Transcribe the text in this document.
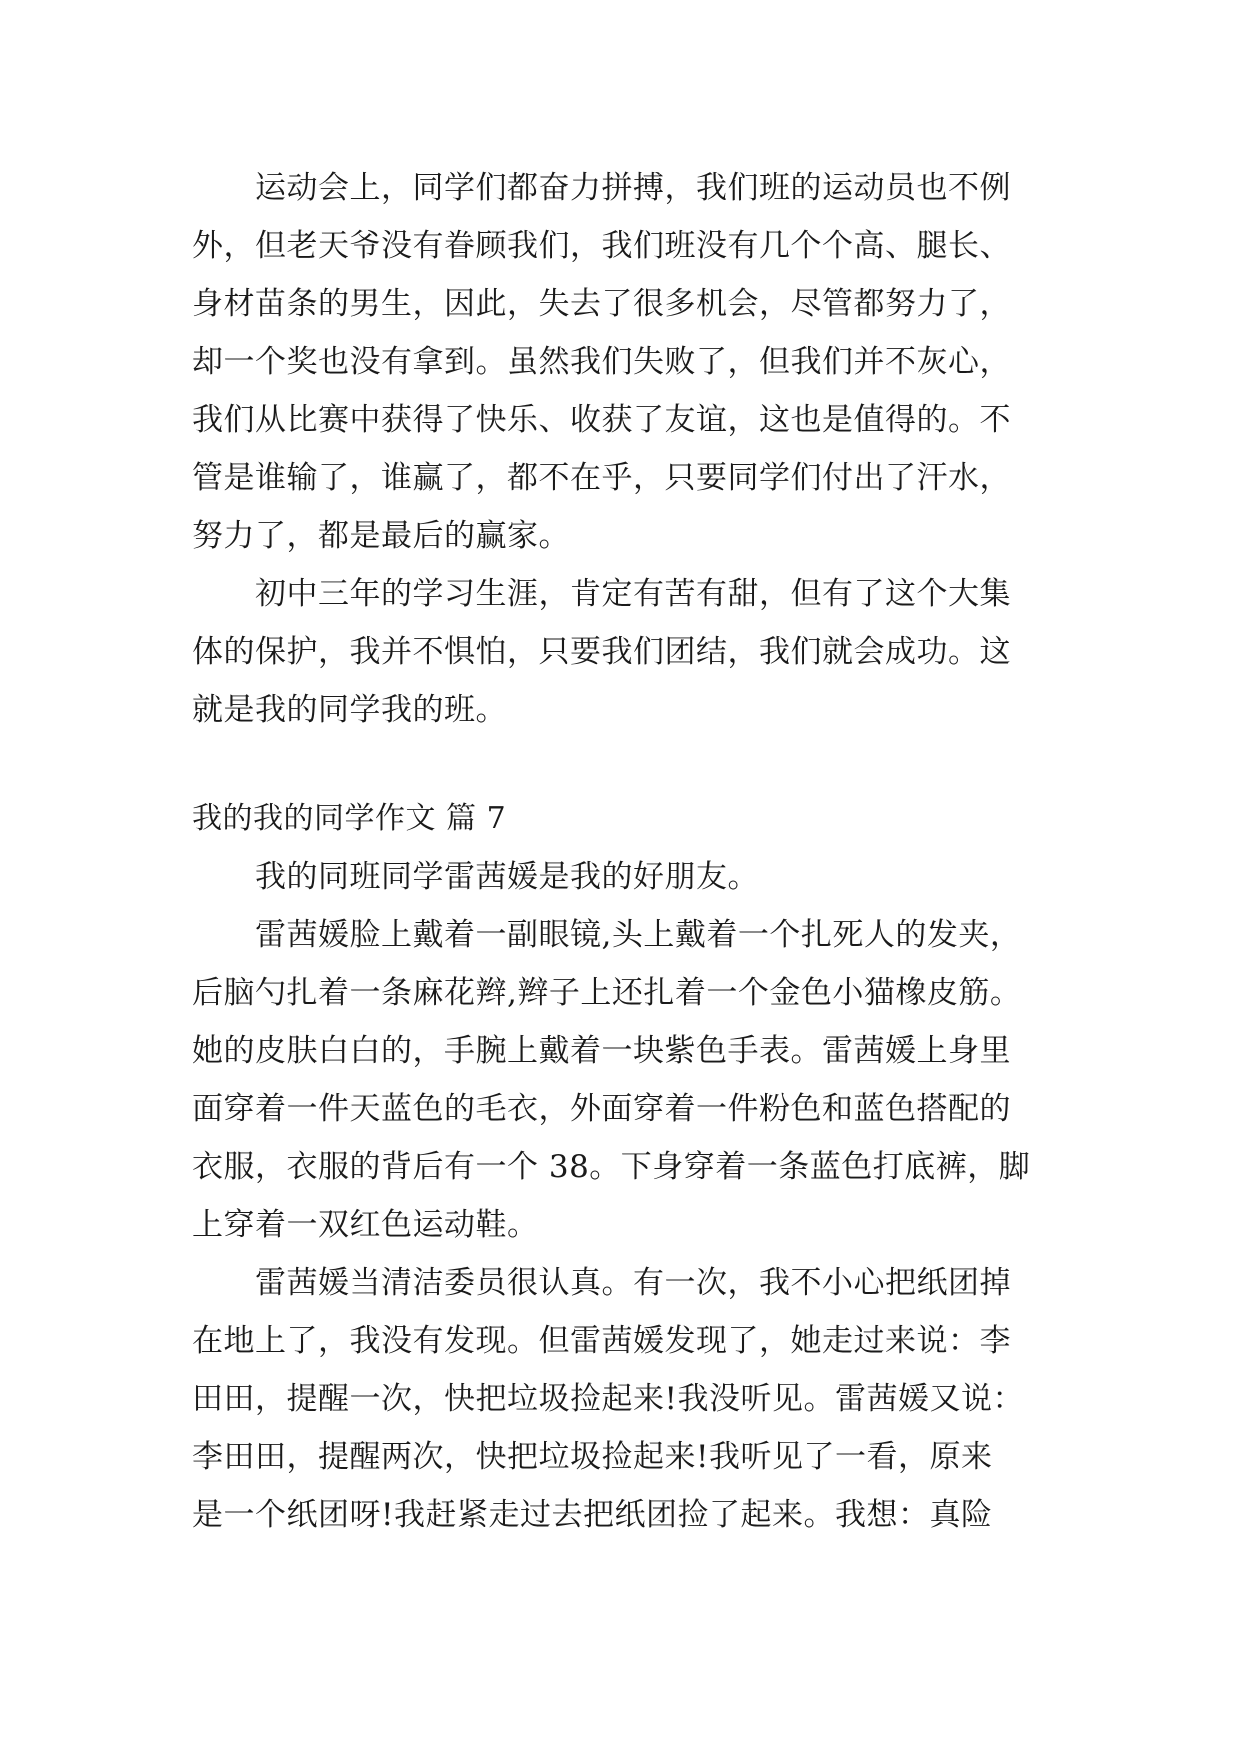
　　运动会上，同学们都奋力拼搏，我们班的运动员也不例
外，但老天爷没有眷顾我们，我们班没有几个个高、腿长、
身材苗条的男生，因此，失去了很多机会，尽管都努力了，
却一个奖也没有拿到。虽然我们失败了，但我们并不灰心，
我们从比赛中获得了快乐、收获了友谊，这也是值得的。不
管是谁输了，谁赢了，都不在乎，只要同学们付出了汗水，
努力了，都是最后的赢家。
　　初中三年的学习生涯，肯定有苦有甜，但有了这个大集
体的保护，我并不惧怕，只要我们团结，我们就会成功。这
就是我的同学我的班。
我的我的同学作文 篇 7
　　我的同班同学雷茜媛是我的好朋友。
　　雷茜媛脸上戴着一副眼镜,头上戴着一个扎死人的发夹，
后脑勺扎着一条麻花辫,辫子上还扎着一个金色小猫橡皮筋。
她的皮肤白白的，手腕上戴着一块紫色手表。雷茜媛上身里
面穿着一件天蓝色的毛衣，外面穿着一件粉色和蓝色搭配的
衣服，衣服的背后有一个 38。下身穿着一条蓝色打底裤，脚
上穿着一双红色运动鞋。
　　雷茜媛当清洁委员很认真。有一次，我不小心把纸团掉
在地上了，我没有发现。但雷茜媛发现了，她走过来说：李
田田，提醒一次，快把垃圾捡起来!我没听见。雷茜媛又说：
李田田，提醒两次，快把垃圾捡起来!我听见了一看，原来
是一个纸团呀!我赶紧走过去把纸团捡了起来。我想：真险
